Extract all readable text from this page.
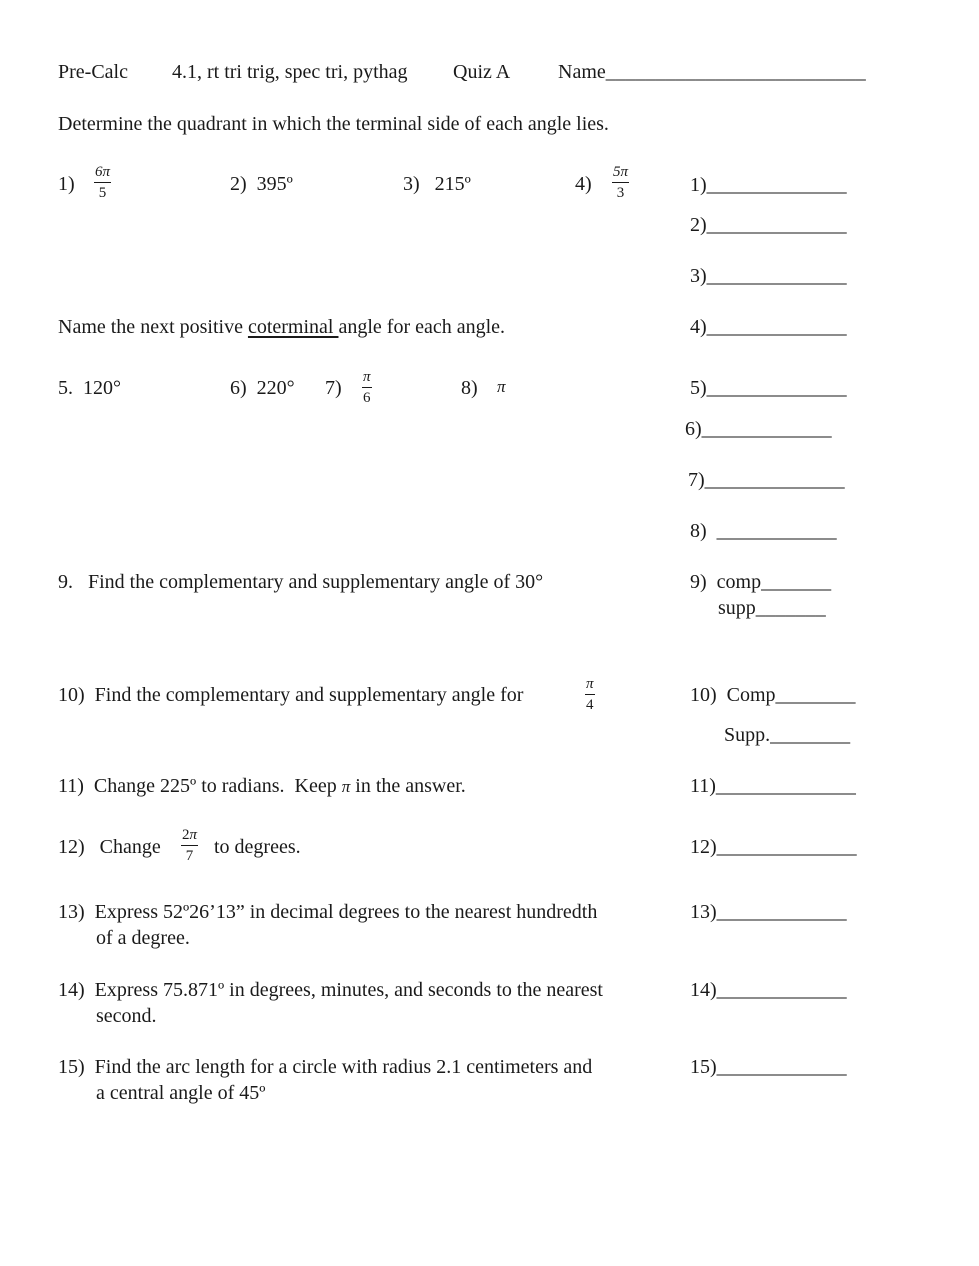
Pre-Calc 4.1, rt tri trig, spec tri, pythag Quiz A Name__________________________
Determine the quadrant in which the terminal side of each angle lies.
$1) \frac{6\pi}{5}$	2)  395º	3)   215º	$4) \frac{5\pi}{3}$
Name the next positive coterminal angle for each angle.
5.  120°	6)  220° $7) \frac{\pi}{6}$	8) π
9.   Find the complementary and supplementary angle of 30°
10)  Find the complementary and supplementary angle for	$\frac{\pi}{4}$
11)  Change 225º to radians.  Keep π in the answer.
12)   Change $\frac{2\pi}{7}$ to degrees.
13)  Express 52º26’13” in decimal degrees to the nearest hundredth
of a degree.
14)  Express 75.871º in degrees, minutes, and seconds to the nearest
second.
15)  Find the arc length for a circle with radius 2.1 centimeters and
a central angle of 45º
1)______________
2)______________
3)______________
4)______________
5)______________
6)_____________
7)______________
8)  ____________
9)  comp_______
supp_______
10)  Comp________
Supp.________
11)______________
12)______________
13)_____________
14)_____________
15)_____________
